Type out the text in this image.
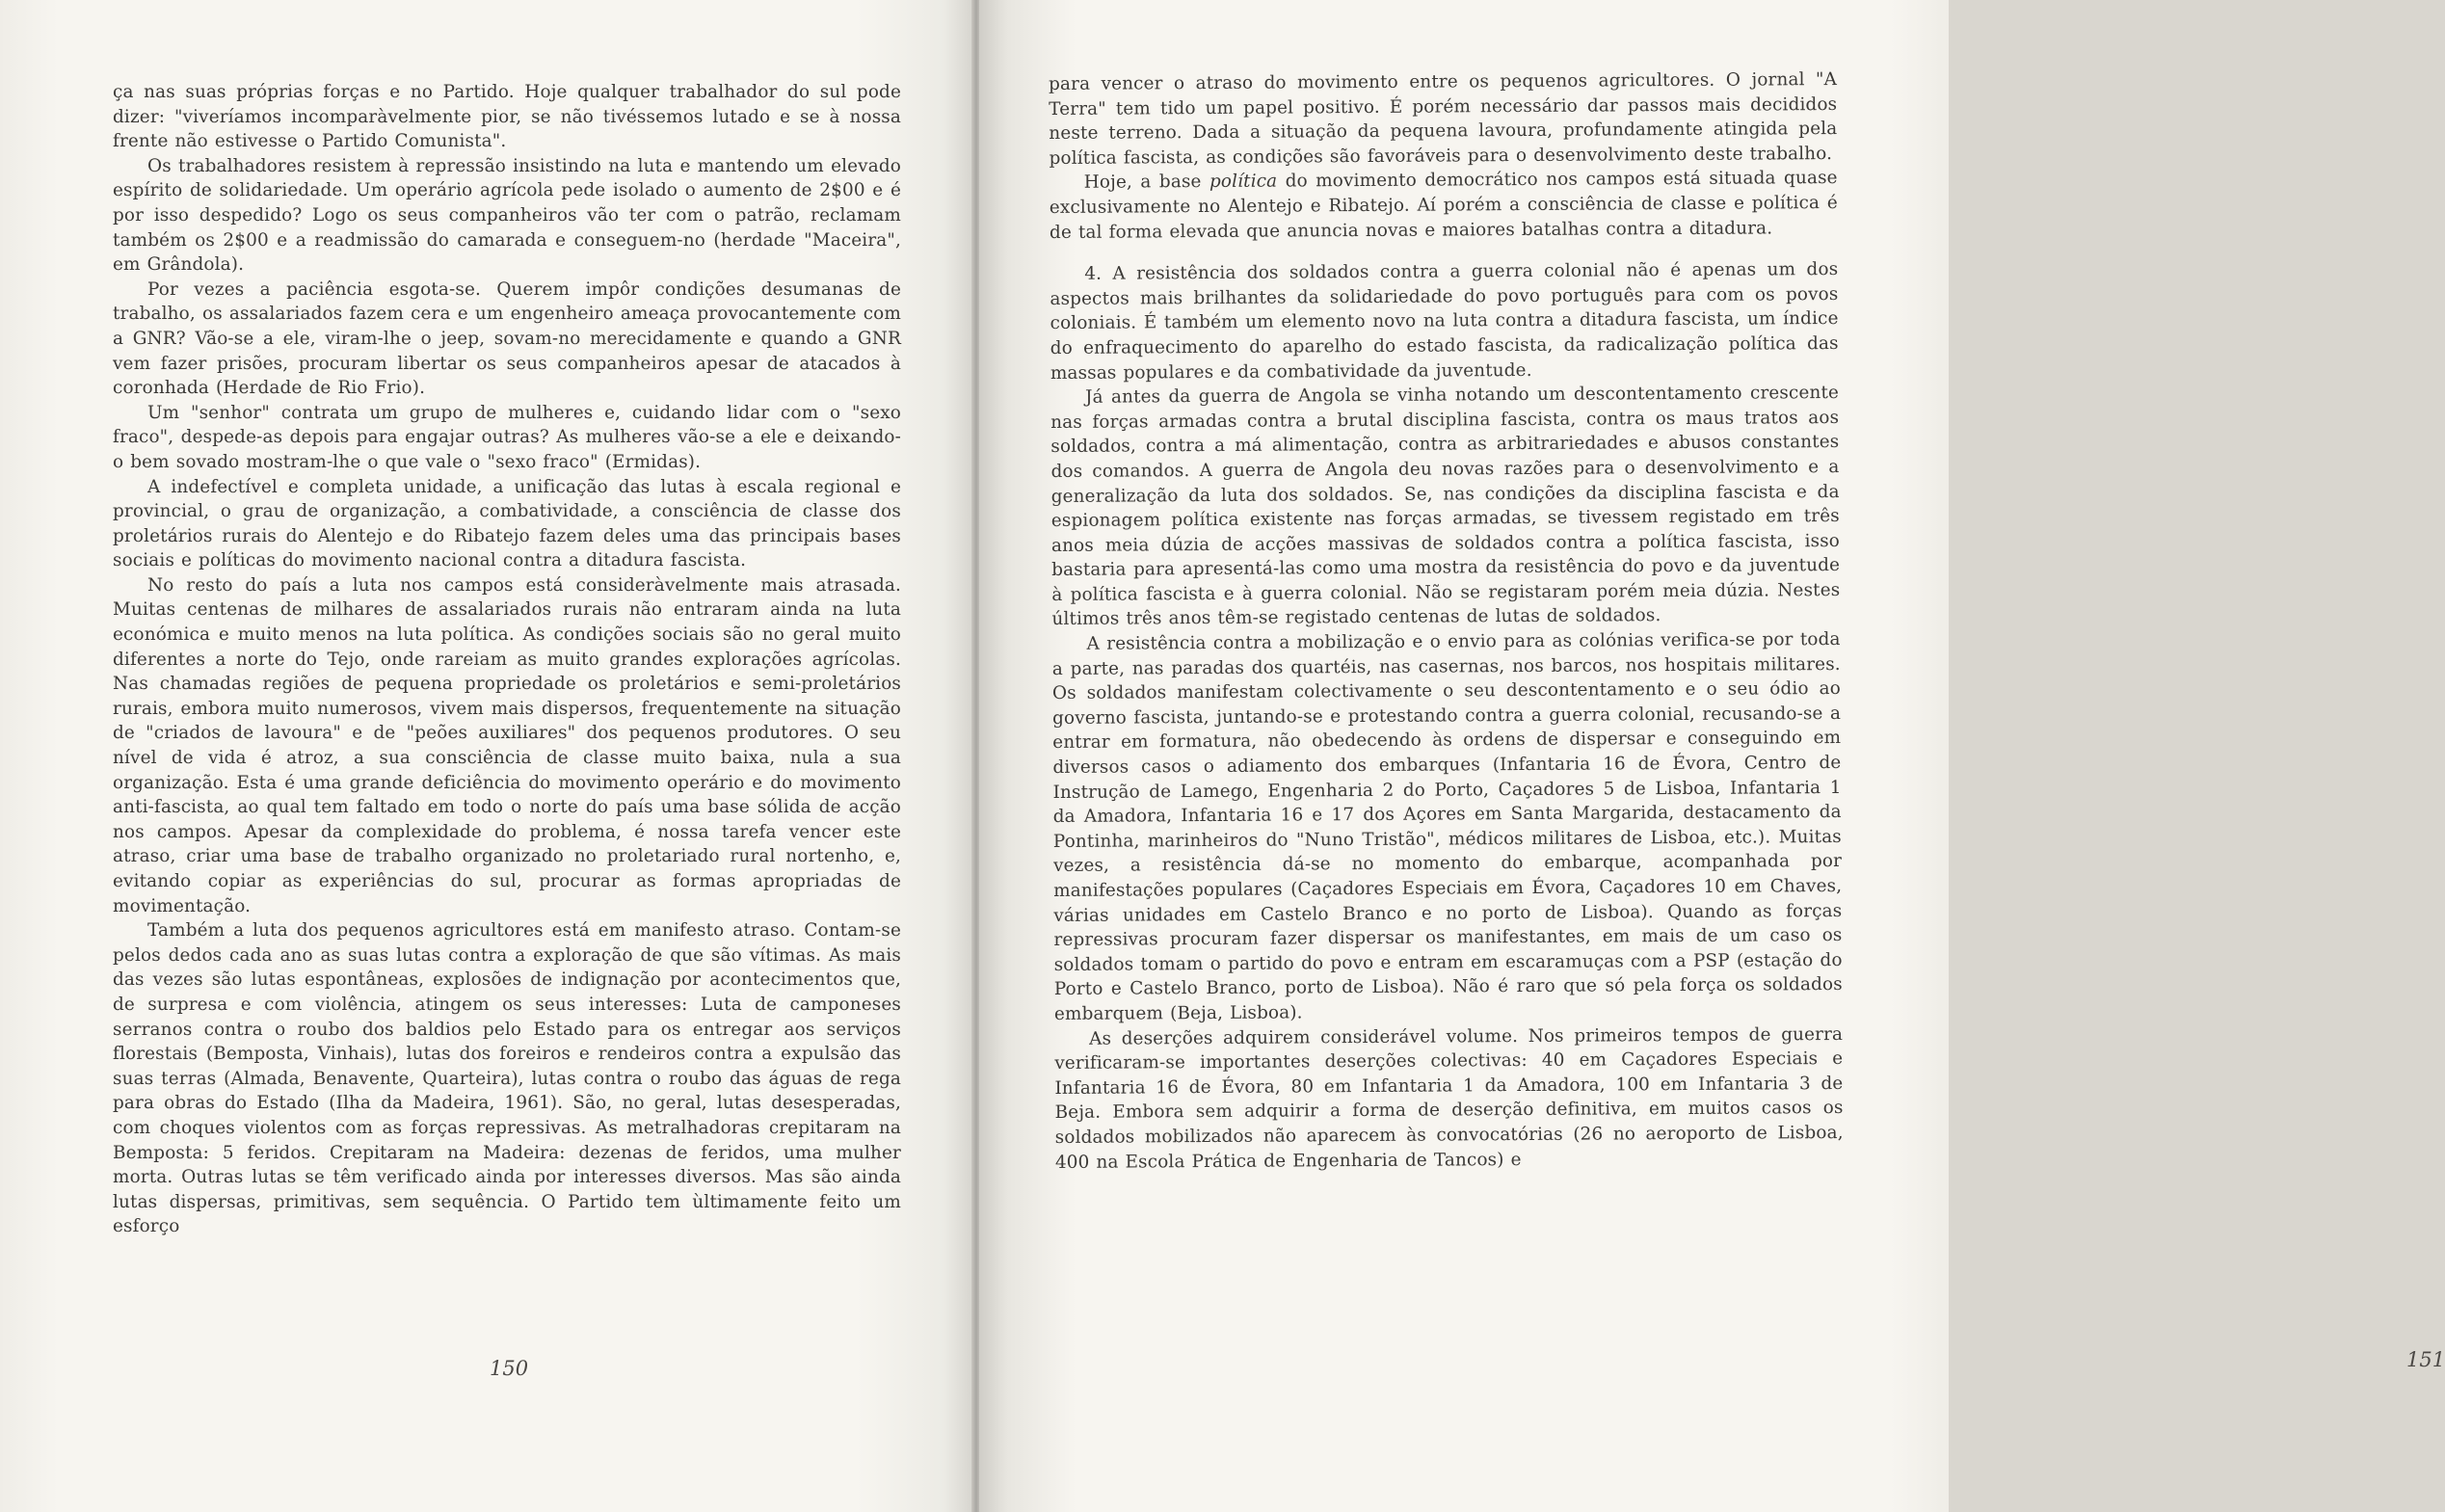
ça nas suas próprias forças e no Partido. Hoje qualquer trabalhador do sul pode dizer: "viveríamos incomparàvelmente pior, se não tivéssemos lutado e se à nossa frente não estivesse o Partido Comunista".

Os trabalhadores resistem à repressão insistindo na luta e mantendo um elevado espírito de solidariedade. Um operário agrícola pede isolado o aumento de 2$00 e é por isso despedido? Logo os seus companheiros vão ter com o patrão, reclamam também os 2$00 e a readmissão do camarada e conseguem-no (herdade "Maceira", em Grândola).

Por vezes a paciência esgota-se. Querem impôr condições desumanas de trabalho, os assalariados fazem cera e um engenheiro ameaça provocantemente com a GNR? Vão-se a ele, viram-lhe o jeep, sovam-no merecidamente e quando a GNR vem fazer prisões, procuram libertar os seus companheiros apesar de atacados à coronhada (Herdade de Rio Frio).

Um "senhor" contrata um grupo de mulheres e, cuidando lidar com o "sexo fraco", despede-as depois para engajar outras? As mulheres vão-se a ele e deixando-o bem sovado mostram-lhe o que vale o "sexo fraco" (Ermidas).

A indefectível e completa unidade, a unificação das lutas à escala regional e provincial, o grau de organização, a combatividade, a consciência de classe dos proletários rurais do Alentejo e do Ribatejo fazem deles uma das principais bases sociais e políticas do movimento nacional contra a ditadura fascista.

No resto do país a luta nos campos está consideràvelmente mais atrasada. Muitas centenas de milhares de assalariados rurais não entraram ainda na luta económica e muito menos na luta política. As condições sociais são no geral muito diferentes a norte do Tejo, onde rareiam as muito grandes explorações agrícolas. Nas chamadas regiões de pequena propriedade os proletários e semi-proletários rurais, embora muito numerosos, vivem mais dispersos, frequentemente na situação de "criados de lavoura" e de "peões auxiliares" dos pequenos produtores. O seu nível de vida é atroz, a sua consciência de classe muito baixa, nula a sua organização. Esta é uma grande deficiência do movimento operário e do movimento anti-fascista, ao qual tem faltado em todo o norte do país uma base sólida de acção nos campos. Apesar da complexidade do problema, é nossa tarefa vencer este atraso, criar uma base de trabalho organizado no proletariado rural nortenho, e, evitando copiar as experiências do sul, procurar as formas apropriadas de movimentação.

Também a luta dos pequenos agricultores está em manifesto atraso. Contam-se pelos dedos cada ano as suas lutas contra a exploração de que são vítimas. As mais das vezes são lutas espontâneas, explosões de indignação por acontecimentos que, de surpresa e com violência, atingem os seus interesses: Luta de camponeses serranos contra o roubo dos baldios pelo Estado para os entregar aos serviços florestais (Bemposta, Vinhais), lutas dos foreiros e rendeiros contra a expulsão das suas terras (Almada, Benavente, Quarteira), lutas contra o roubo das águas de rega para obras do Estado (Ilha da Madeira, 1961). São, no geral, lutas desesperadas, com choques violentos com as forças repressivas. As metralhadoras crepitaram na Bemposta: 5 feridos. Crepitaram na Madeira: dezenas de feridos, uma mulher morta. Outras lutas se têm verificado ainda por interesses diversos. Mas são ainda lutas dispersas, primitivas, sem sequência. O Partido tem ùltimamente feito um esforço

150	151

para vencer o atraso do movimento entre os pequenos agricultores. O jornal "A Terra" tem tido um papel positivo. É porém necessário dar passos mais decididos neste terreno. Dada a situação da pequena lavoura, profundamente atingida pela política fascista, as condições são favoráveis para o desenvolvimento deste trabalho.

Hoje, a base política do movimento democrático nos campos está situada quase exclusivamente no Alentejo e Ribatejo. Aí porém a consciência de classe e política é de tal forma elevada que anuncia novas e maiores batalhas contra a ditadura.

4. A resistência dos soldados contra a guerra colonial não é apenas um dos aspectos mais brilhantes da solidariedade do povo português para com os povos coloniais. É também um elemento novo na luta contra a ditadura fascista, um índice do enfraquecimento do aparelho do estado fascista, da radicalização política das massas populares e da combatividade da juventude.

Já antes da guerra de Angola se vinha notando um descontentamento crescente nas forças armadas contra a brutal disciplina fascista, contra os maus tratos aos soldados, contra a má alimentação, contra as arbitrariedades e abusos constantes dos comandos. A guerra de Angola deu novas razões para o desenvolvimento e a generalização da luta dos soldados. Se, nas condições da disciplina fascista e da espionagem política existente nas forças armadas, se tivessem registado em três anos meia dúzia de acções massivas de soldados contra a política fascista, isso bastaria para apresentá-las como uma mostra da resistência do povo e da juventude à política fascista e à guerra colonial. Não se registaram porém meia dúzia. Nestes últimos três anos têm-se registado centenas de lutas de soldados.

A resistência contra a mobilização e o envio para as colónias verifica-se por toda a parte, nas paradas dos quartéis, nas casernas, nos barcos, nos hospitais militares. Os soldados manifestam colectivamente o seu descontentamento e o seu ódio ao governo fascista, juntando-se e protestando contra a guerra colonial, recusando-se a entrar em formatura, não obedecendo às ordens de dispersar e conseguindo em diversos casos o adiamento dos embarques (Infantaria 16 de Évora, Centro de Instrução de Lamego, Engenharia 2 do Porto, Caçadores 5 de Lisboa, Infantaria 1 da Amadora, Infantaria 16 e 17 dos Açores em Santa Margarida, destacamento da Pontinha, marinheiros do "Nuno Tristão", médicos militares de Lisboa, etc.). Muitas vezes, a resistência dá-se no momento do embarque, acompanhada por manifestações populares (Caçadores Especiais em Évora, Caçadores 10 em Chaves, várias unidades em Castelo Branco e no porto de Lisboa). Quando as forças repressivas procuram fazer dispersar os manifestantes, em mais de um caso os soldados tomam o partido do povo e entram em escaramuças com a PSP (estação do Porto e Castelo Branco, porto de Lisboa). Não é raro que só pela força os soldados embarquem (Beja, Lisboa).

As deserções adquirem considerável volume. Nos primeiros tempos de guerra verificaram-se importantes deserções colectivas: 40 em Caçadores Especiais e Infantaria 16 de Évora, 80 em Infantaria 1 da Amadora, 100 em Infantaria 3 de Beja. Embora sem adquirir a forma de deserção definitiva, em muitos casos os soldados mobilizados não aparecem às convocatórias (26 no aeroporto de Lisboa, 400 na Escola Prática de Engenharia de Tancos) e
